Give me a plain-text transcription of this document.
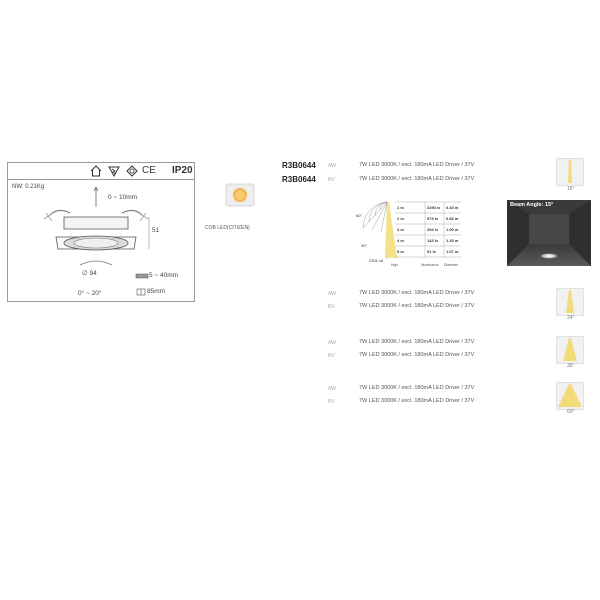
CE IP20
NW: 0.21Kg
0 ~ 10mm
51
∅ 94
0° ~ 20°
5 ~ 40mm
85mm
COB LED(CITIZEN)
R3B0644 AW	7W LED 3000K / excl. 180mA LED Driver / 37V
R3B0644 BV	7W LED 3000K / excl. 180mA LED Driver / 37V
15°
60°
30°
2301 cd
1 m	2293 lx 0.33 m
2 m	573 lx 0.66 m
3 m	254 lx 1.00 m
4 m	143 lx 1.33 m
5 m	91 lx	1.67 m
High	Illuminance Diameter
Beam Angle: 15°
AW	7W LED 3000K / excl. 180mA LED Driver / 37V
BV	7W LED 3000K / excl. 180mA LED Driver / 37V
24°
AW	7W LED 3000K / excl. 180mA LED Driver / 37V
BV	7W LED 3000K / excl. 180mA LED Driver / 37V
36°
AW	7W LED 3000K / excl. 180mA LED Driver / 37V
BV	7W LED 3000K / excl. 180mA LED Driver / 37V
60°
